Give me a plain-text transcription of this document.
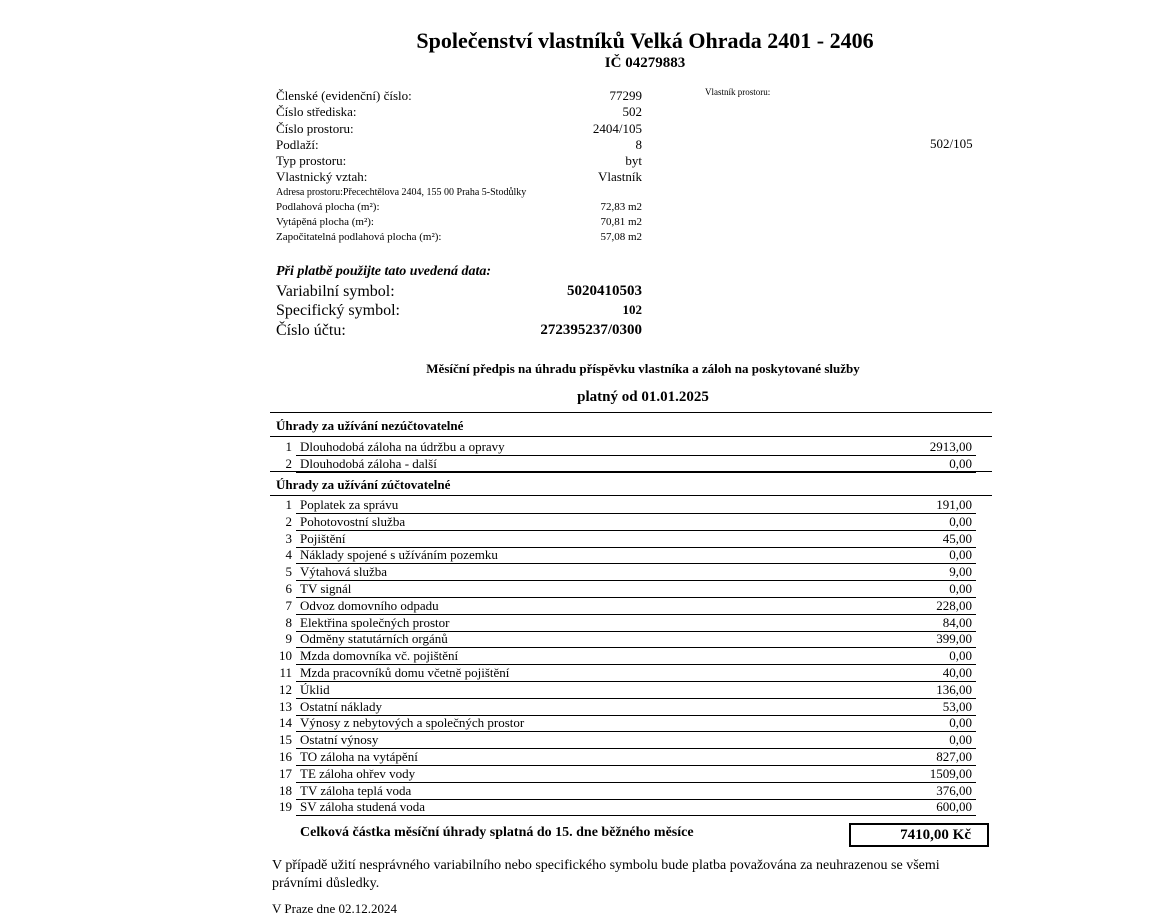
Společenství vlastníků Velká Ohrada 2401 - 2406
IČ 04279883
Členské (evidenční) číslo:	77299
Číslo střediska:	502
Číslo prostoru:	2404/105
Podlaží:	8
Typ prostoru:	byt
Vlastnický vztah:	Vlastník
Adresa prostoru:Přecechtělova 2404, 155 00 Praha 5-Stodůlky
Podlahová plocha (m²):	72,83 m2
Vytápěná plocha (m²):	70,81 m2
Započitatelná podlahová plocha (m²):	57,08 m2
Vlastník prostoru:
502/105
Při platbě použijte tato uvedená data:
Variabilní symbol:	5020410503
Specifický symbol:	102
Číslo účtu:	272395237/0300
Měsíční předpis na úhradu příspěvku vlastníka a záloh na poskytované služby
platný od 01.01.2025
Úhrady za užívání nezúčtovatelné
1 Dlouhodobá záloha na údržbu a opravy	2913,00
2 Dlouhodobá záloha - další	0,00
Úhrady za užívání zúčtovatelné
1 Poplatek za správu	191,00
2 Pohotovostní služba	0,00
3 Pojištění	45,00
4 Náklady spojené s užíváním pozemku	0,00
5 Výtahová služba	9,00
6 TV signál	0,00
7 Odvoz domovního odpadu	228,00
8 Elektřina společných prostor	84,00
9 Odměny statutárních orgánů	399,00
10 Mzda domovníka vč. pojištění	0,00
11 Mzda pracovníků domu včetně pojištění	40,00
12 Úklid	136,00
13 Ostatní náklady	53,00
14 Výnosy z nebytových a společných prostor	0,00
15 Ostatní výnosy	0,00
16 TO záloha na vytápění	827,00
17 TE záloha ohřev vody	1509,00
18 TV záloha teplá voda	376,00
19 SV záloha studená voda	600,00
Celková částka měsíční úhrady splatná do 15. dne běžného měsíce	7410,00 Kč
V případě užití nesprávného variabilního nebo specifického symbolu bude platba považována za neuhrazenou se všemi právními důsledky.
V Praze dne 02.12.2024
